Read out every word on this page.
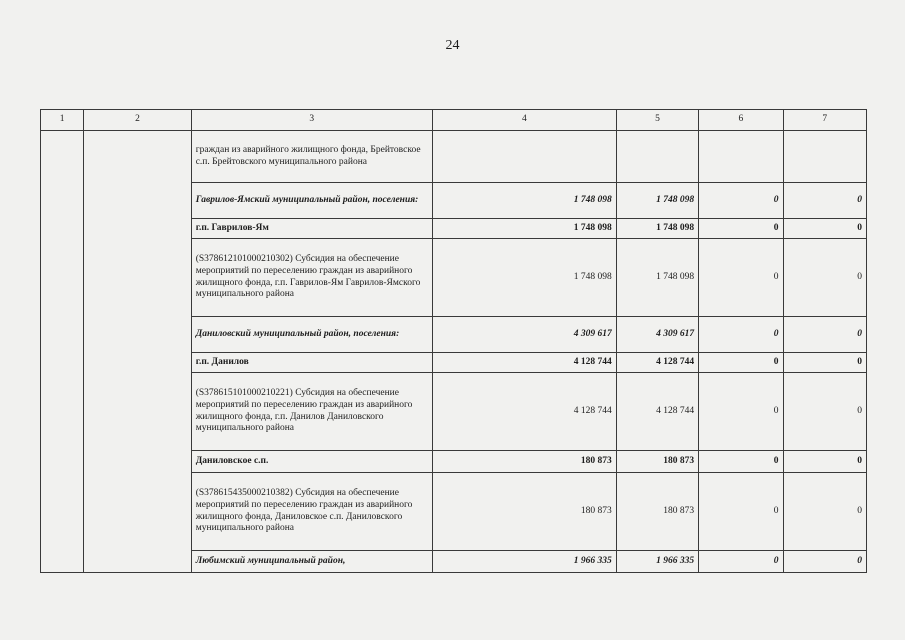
24
1	2	3	4	5	6	7
		граждан из аварийного жилищного фонда, Брейтовское с.п. Брейтовского муниципального района				
		Гаврилов-Ямский муниципальный район, поселения:	1 748 098	1 748 098	0	0
		г.п. Гаврилов-Ям	1 748 098	1 748 098	0	0
		(S378612101000210302) Субсидия на обеспечение мероприятий по переселению граждан из аварийного жилищного фонда, г.п. Гаврилов-Ям Гаврилов-Ямского муниципального района	1 748 098	1 748 098	0	0
		Даниловский муниципальный район, поселения:	4 309 617	4 309 617	0	0
		г.п. Данилов	4 128 744	4 128 744	0	0
		(S378615101000210221) Субсидия на обеспечение мероприятий по переселению граждан из аварийного жилищного фонда, г.п. Данилов Даниловского муниципального района	4 128 744	4 128 744	0	0
		Даниловское с.п.	180 873	180 873	0	0
		(S378615435000210382) Субсидия на обеспечение мероприятий по переселению граждан из аварийного жилищного фонда, Даниловское с.п. Даниловского муниципального района	180 873	180 873	0	0
		Любимский муниципальный район,	1 966 335	1 966 335	0	0
